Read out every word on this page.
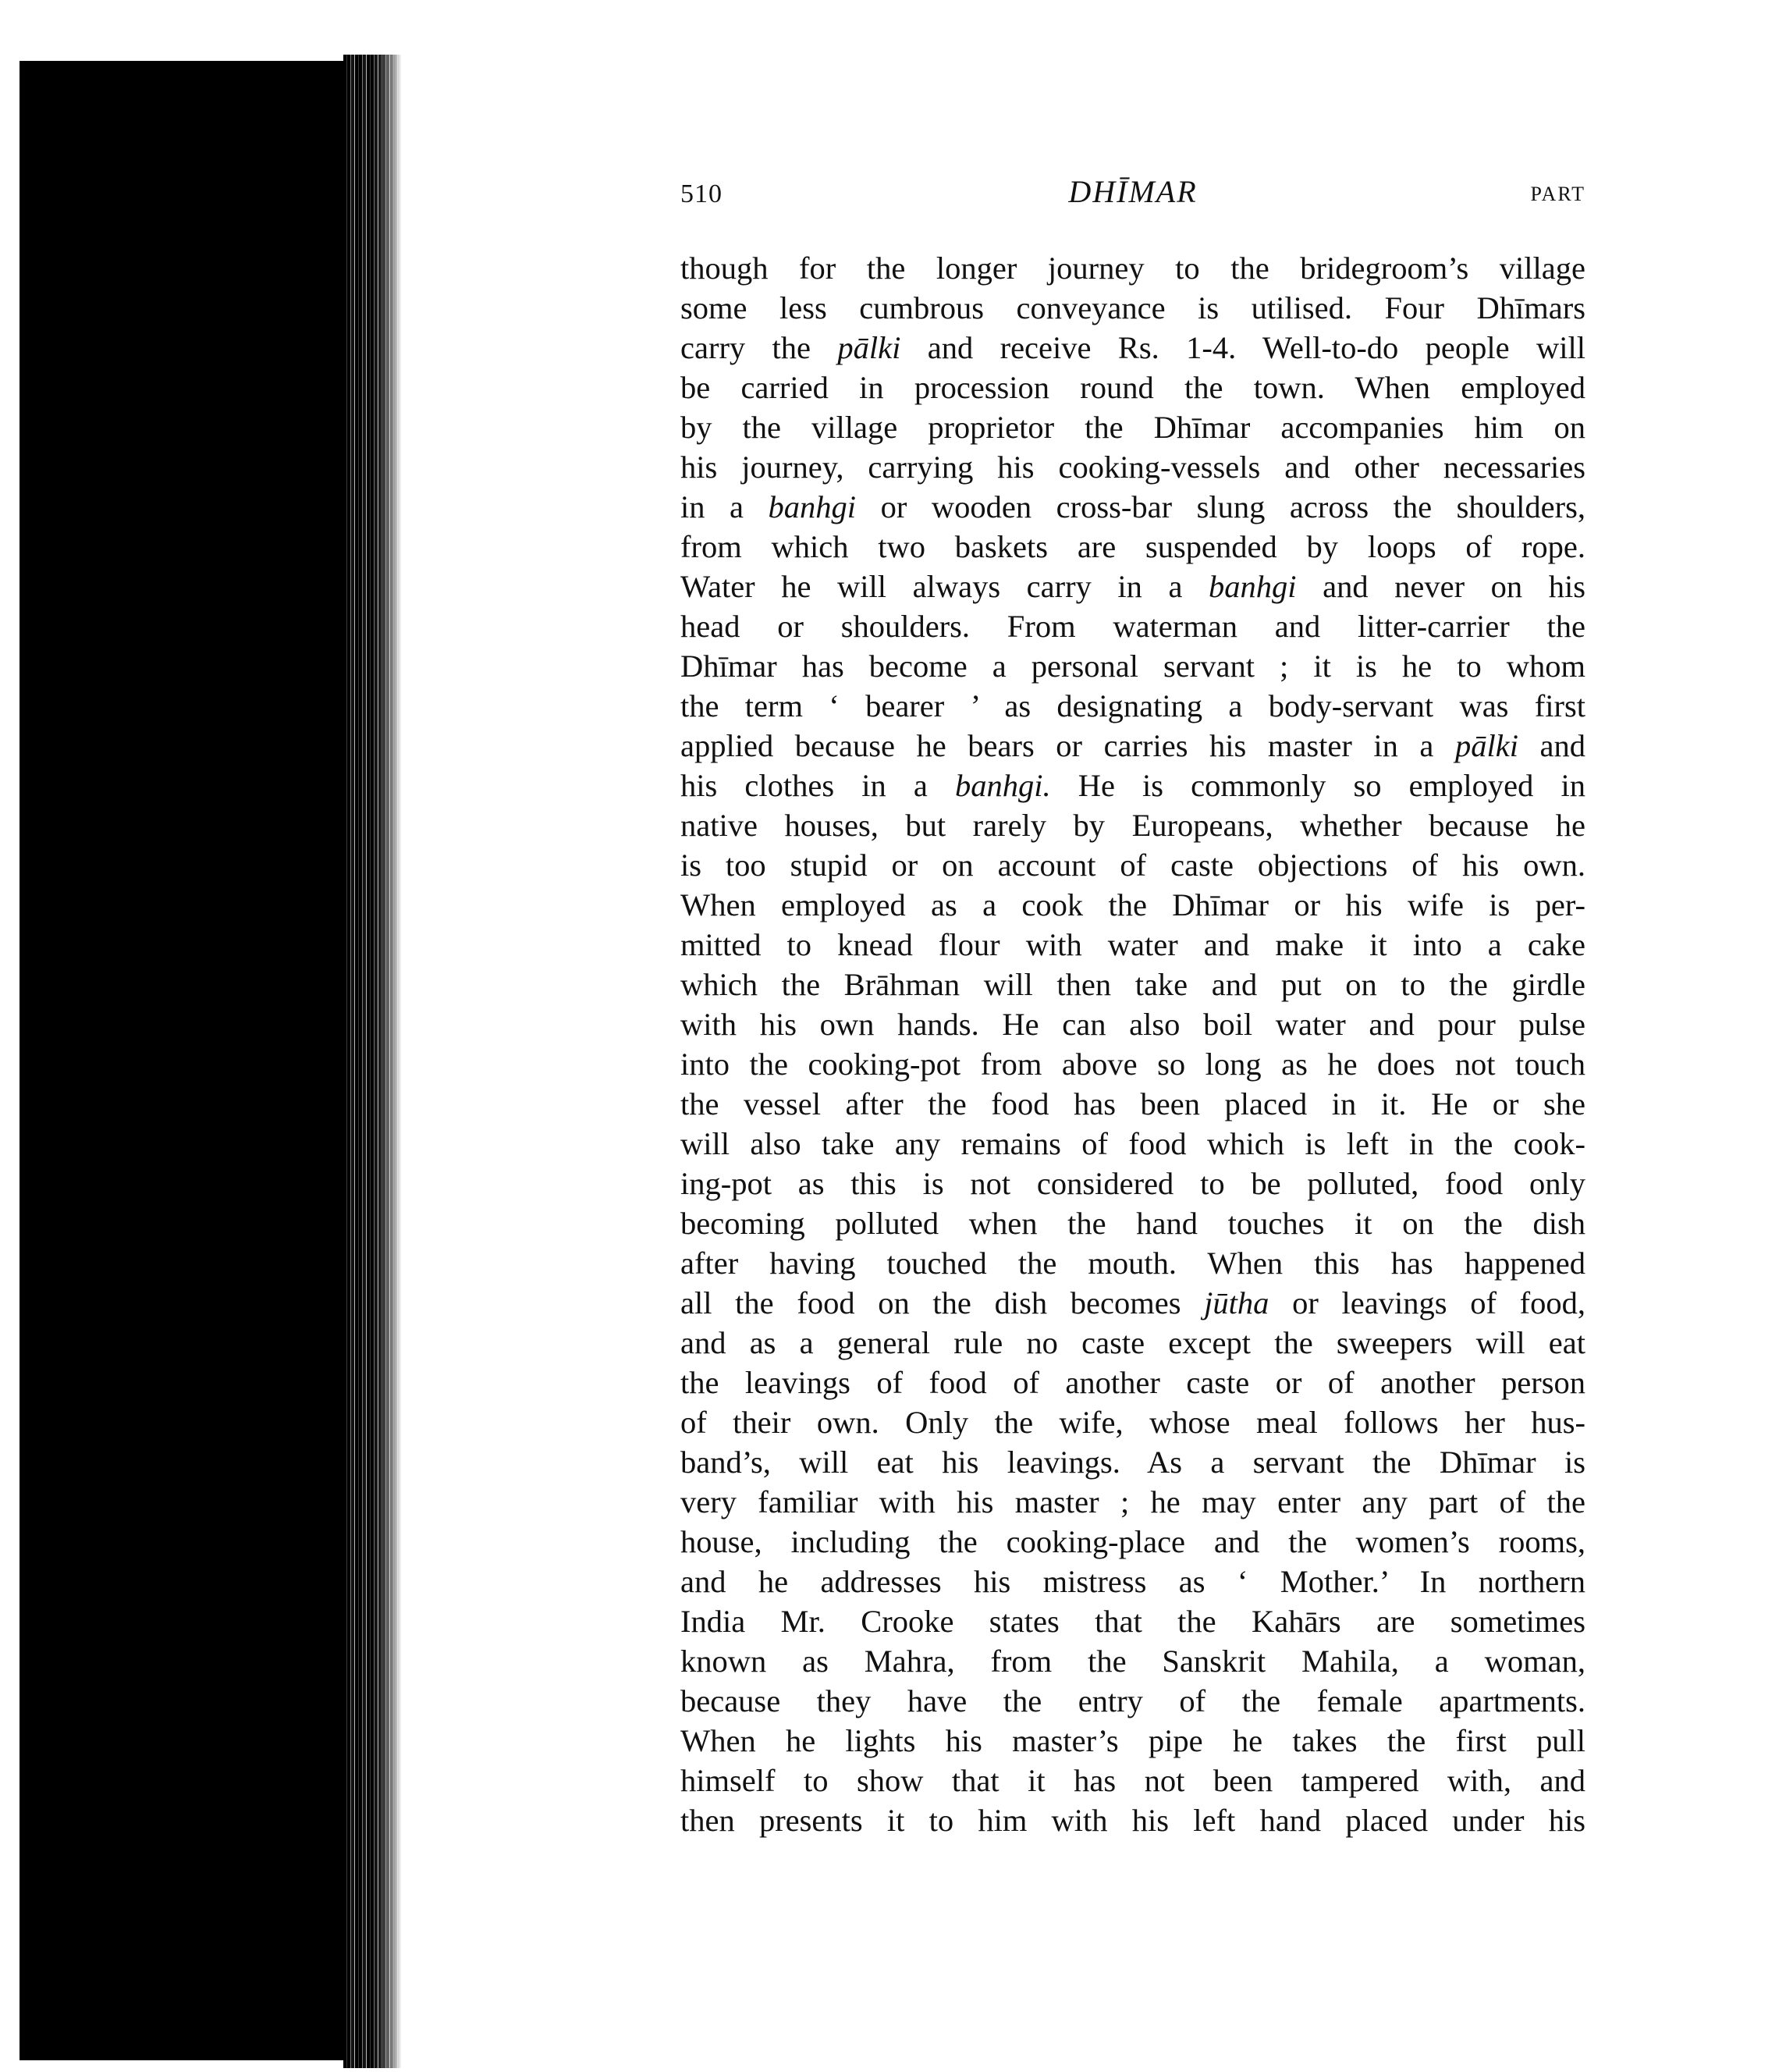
510	DHĪMAR	PART
though for the longer journey to the bridegroom’s village
some less cumbrous conveyance is utilised. Four Dhīmars
carry the pālki and receive Rs. 1-4. Well-to-do people will
be carried in procession round the town. When employed
by the village proprietor the Dhīmar accompanies him on
his journey, carrying his cooking-vessels and other necessaries
in a banhgi or wooden cross-bar slung across the shoulders,
from which two baskets are suspended by loops of rope.
Water he will always carry in a banhgi and never on his
head or shoulders. From waterman and litter-carrier the
Dhīmar has become a personal servant ; it is he to whom
the term ‘ bearer ’ as designating a body-servant was first
applied because he bears or carries his master in a pālki and
his clothes in a banhgi. He is commonly so employed in
native houses, but rarely by Europeans, whether because he
is too stupid or on account of caste objections of his own.
When employed as a cook the Dhīmar or his wife is per-
mitted to knead flour with water and make it into a cake
which the Brāhman will then take and put on to the girdle
with his own hands. He can also boil water and pour pulse
into the cooking-pot from above so long as he does not touch
the vessel after the food has been placed in it. He or she
will also take any remains of food which is left in the cook-
ing-pot as this is not considered to be polluted, food only
becoming polluted when the hand touches it on the dish
after having touched the mouth. When this has happened
all the food on the dish becomes jūtha or leavings of food,
and as a general rule no caste except the sweepers will eat
the leavings of food of another caste or of another person
of their own. Only the wife, whose meal follows her hus-
band’s, will eat his leavings. As a servant the Dhīmar is
very familiar with his master ; he may enter any part of the
house, including the cooking-place and the women’s rooms,
and he addresses his mistress as ‘ Mother.’ In northern
India Mr. Crooke states that the Kahārs are sometimes
known as Mahra, from the Sanskrit Mahila, a woman,
because they have the entry of the female apartments.
When he lights his master’s pipe he takes the first pull
himself to show that it has not been tampered with, and
then presents it to him with his left hand placed under his
